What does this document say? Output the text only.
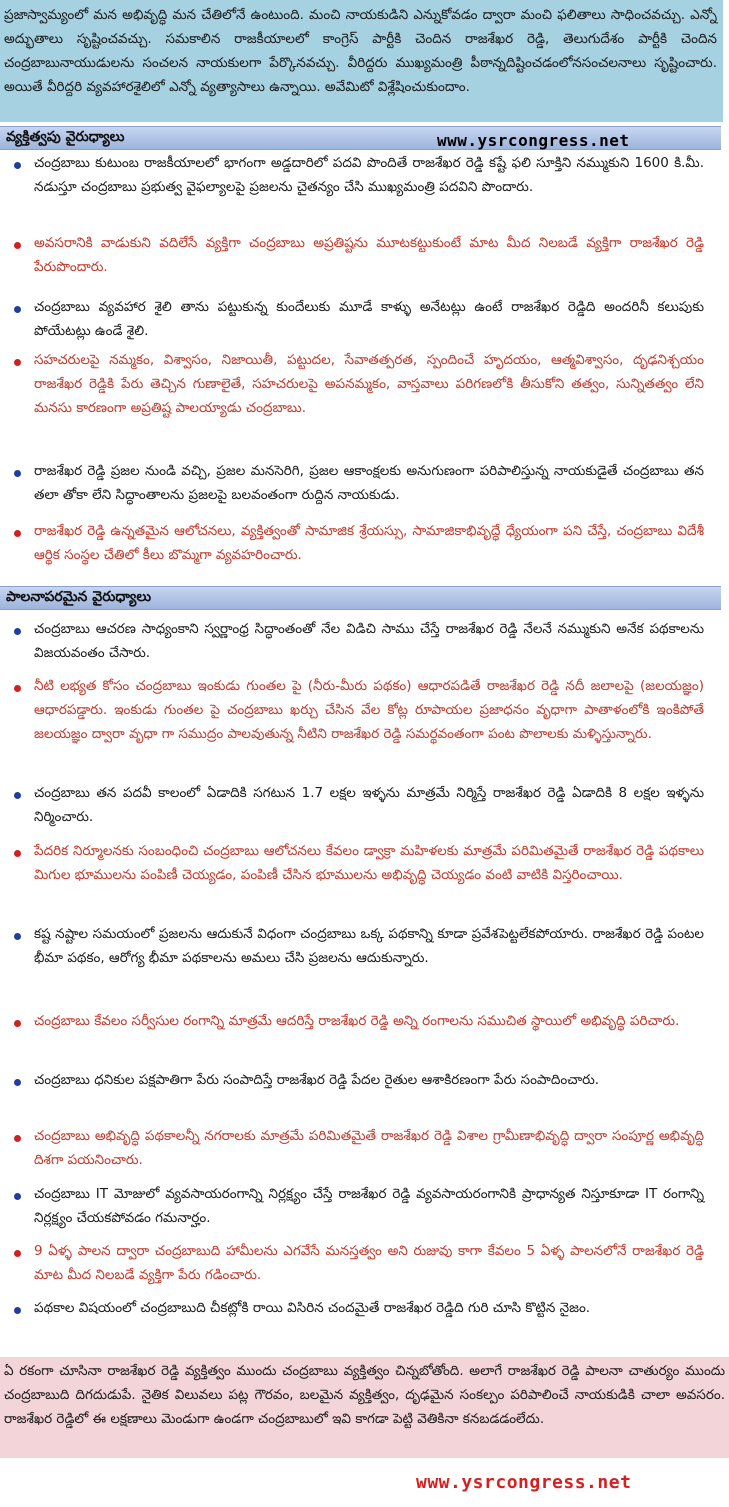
ప్రజాస్వామ్యంలో మన అభివృద్ధి మన చేతిలోనే ఉంటుంది. మంచి నాయకుడిని ఎన్నుకోవడం ద్వారా మంచి ఫలితాలు సాధించవచ్చు. ఎన్నో అద్భుతాలు సృష్టించవచ్చు. సమకాలిన రాజకీయాలలో కాంగ్రెస్ పార్టీకి చెందిన రాజశేఖర రెడ్డి, తెలుగుదేశం పార్టీకి చెందిన చంద్రబాబునాయుడులను సంచలన నాయకులగా పేర్కొనవచ్చు. వీరిద్దరు ముఖ్యమంత్రి పీఠాన్నదిష్టించడంలోనసంచలనాలు సృష్టించారు. అయితే వీరిద్దరి వ్యవహారశైలిలో ఎన్నో వ్యత్యాసాలు ఉన్నాయి. అవేమిటో విశ్లేషించుకుందాం.
వ్యక్తిత్వపు వైరుధ్యాలు	www.ysrcongress.net

చంద్రబాబు కుటుంబ రాజకీయాలలో భాగంగా అడ్డదారిలో పదవి పొందితే రాజశేఖర రెడ్డి కష్టే ఫలి సూక్తిని నమ్ముకుని 1600 కి.మీ. నడుస్తూ చంద్రబాబు ప్రభుత్వ వైఫల్యాలపై ప్రజలను చైతన్యం చేసి ముఖ్యమంత్రి పదవిని పొందారు.

అవసరానికి వాడుకుని వదిలేసే వ్యక్తిగా చంద్రబాబు అప్రతిష్టను మూటకట్టుకుంటే మాట మీద నిలబడే వ్యక్తిగా రాజశేఖర రెడ్డి పేరుపొందారు.

చంద్రబాబు వ్యవహార శైలి తాను పట్టుకున్న కుందేలుకు మూడే కాళ్ళు అనేటట్లు ఉంటే రాజశేఖర రెడ్డిది అందరినీ కలుపుకు పోయేటట్లు ఉండే శైలి.

సహచరులపై నమ్మకం, విశ్వాసం, నిజాయితీ, పట్టుదల, సేవాతత్పరత, స్పందించే హృదయం, ఆత్మవిశ్వాసం, దృఢనిశ్చయం రాజశేఖర రెడ్డికి పేరు తెచ్చిన గుణాలైతే, సహచరులపై అపనమ్మకం, వాస్తవాలు పరిగణలోకి తీసుకోని తత్వం, సున్నితత్వం లేని మనసు కారణంగా అప్రతిష్ట పాలయ్యాడు చంద్రబాబు.

రాజశేఖర రెడ్డి ప్రజల నుండి వచ్చి, ప్రజల మనసెరిగి, ప్రజల ఆకాంక్షలకు అనుగుణంగా పరిపాలిస్తున్న నాయకుడైతే చంద్రబాబు తన తలా తోకా లేని సిద్ధాంతాలను ప్రజలపై బలవంతంగా రుద్దిన నాయకుడు.

రాజశేఖర రెడ్డి ఉన్నతమైన ఆలోచనలు, వ్యక్తిత్వంతో సామాజిక శ్రేయస్సు, సామాజికాభివృద్ధే ధ్యేయంగా పని చేస్తే, చంద్రబాబు విదేశీ ఆర్థిక సంస్థల చేతిలో కీలు బొమ్మగా వ్యవహరించారు.

పాలనాపరమైన వైరుధ్యాలు

చంద్రబాబు ఆచరణ సాధ్యంకాని స్వర్ణాంధ్ర సిద్ధాంతంతో నేల విడిచి సాము చేస్తే రాజశేఖర రెడ్డి నేలనే నమ్ముకుని అనేక పథకాలను విజయవంతం చేసారు.

నీటి లభ్యత కోసం చంద్రబాబు ఇంకుడు గుంతల పై (నీరు-మీరు పథకం) ఆధారపడితే రాజశేఖర రెడ్డి నదీ జలాలపై (జలయజ్ఞం) ఆధారపడ్డారు. ఇంకుడు గుంతల పై చంద్రబాబు ఖర్చు చేసిన వేల కోట్ల రూపాయల ప్రజాధనం వృధాగా పాతాళంలోకి ఇంకిపోతే జలయజ్ఞం ద్వారా వృధా గా సముద్రం పాలవుతున్న నీటిని రాజశేఖర రెడ్డి సమర్థవంతంగా పంట పొలాలకు మళ్ళిస్తున్నారు.

చంద్రబాబు తన పదవీ కాలంలో ఏడాదికి సగటున 1.7 లక్షల ఇళ్ళను మాత్రమే నిర్మిస్తే రాజశేఖర రెడ్డి ఏడాదికి 8 లక్షల ఇళ్ళను నిర్మించారు.

పేదరిక నిర్మూలనకు సంబంధించి చంద్రబాబు ఆలోచనలు కేవలం డ్వాక్రా మహిళలకు మాత్రమే పరిమితమైతే రాజశేఖర రెడ్డి పథకాలు మిగుల భూములను పంపిణీ చెయ్యడం, పంపిణీ చేసిన భూములను అభివృద్ధి చెయ్యడం వంటి వాటికి విస్తరించాయి.

కష్ట నష్టాల సమయంలో ప్రజలను ఆదుకునే విధంగా చంద్రబాబు ఒక్క పథకాన్ని కూడా ప్రవేశపెట్టలేకపోయారు. రాజశేఖర రెడ్డి పంటల భీమా పథకం, ఆరోగ్య భీమా పథకాలను అమలు చేసి ప్రజలను ఆదుకున్నారు.

చంద్రబాబు కేవలం సర్వీసుల రంగాన్ని మాత్రమే ఆదరిస్తే రాజశేఖర రెడ్డి అన్ని రంగాలను సముచిత స్థాయిలో అభివృద్ధి పరిచారు.

చంద్రబాబు ధనికుల పక్షపాతిగా పేరు సంపాదిస్తే రాజశేఖర రెడ్డి పేదల రైతుల ఆశాకిరణంగా పేరు సంపాదించారు.

చంద్రబాబు అభివృద్ధి పథకాలన్నీ నగరాలకు మాత్రమే పరిమితమైతే రాజశేఖర రెడ్డి విశాల గ్రామీణాభివృద్ధి ద్వారా సంపూర్ణ అభివృద్ధి దిశగా పయనించారు.

చంద్రబాబు IT మోజులో వ్యవసాయరంగాన్ని నిర్లక్ష్యం చేస్తే రాజశేఖర రెడ్డి వ్యవసాయరంగానికి ప్రాధాన్యత నిస్తూకూడా IT రంగాన్ని నిర్లక్ష్యం చేయకపోవడం గమనార్హం.

9 ఏళ్ళ పాలన ద్వారా చంద్రబాబుది హామీలను ఎగవేసే మనస్తత్వం అని రుజువు కాగా కేవలం 5 ఏళ్ళ పాలనలోనే రాజశేఖర రెడ్డి మాట మీద నిలబడే వ్యక్తిగా పేరు గడించారు.

పథకాల విషయంలో చంద్రబాబుది చీకట్లోకి రాయి విసిరిన చందమైతే రాజశేఖర రెడ్డిది గురి చూసి కొట్టిన నైజం.

ఏ రకంగా చూసినా రాజశేఖర రెడ్డి వ్యక్తిత్వం ముందు చంద్రబాబు వ్యక్తిత్వం చిన్నబోతోంది. అలాగే రాజశేఖర రెడ్డి పాలనా చాతుర్యం ముందు చంద్రబాబుది దిగదుడుపే. నైతిక విలువలు పట్ల గౌరవం, బలమైన వ్యక్తిత్వం, దృఢమైన సంకల్పం పరిపాలించే నాయకుడికి చాలా అవసరం. రాజశేఖర రెడ్డిలో ఈ లక్షణాలు మెండుగా ఉండగా చంద్రబాబులో ఇవి కాగడా పెట్టి వెతికినా కనబడడంలేదు.
www.ysrcongress.net
